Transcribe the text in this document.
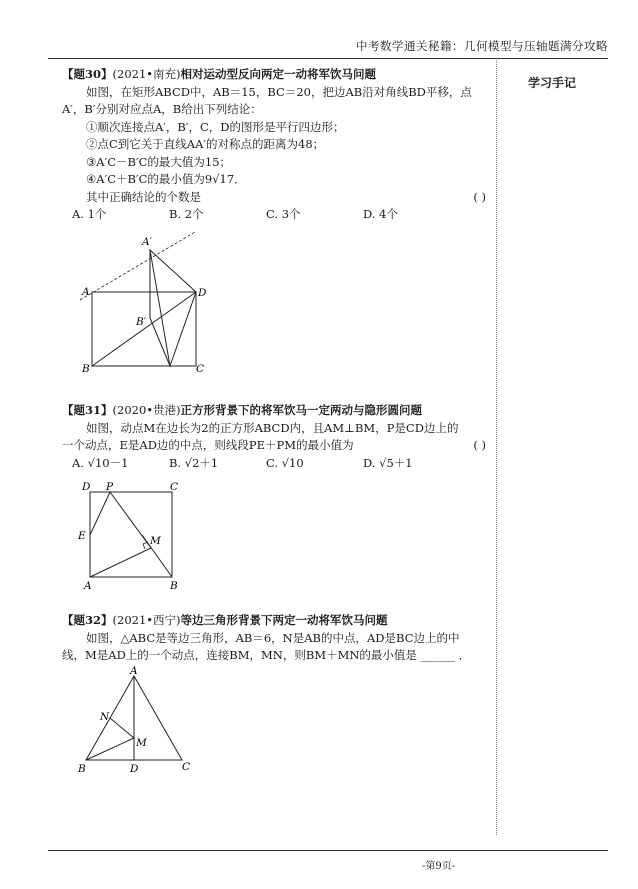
中考数学通关秘籍：几何模型与压轴题满分攻略
学习手记
【题30】(2021•南充)相对运动型反向两定一动将军饮马问题
如图，在矩形ABCD中，AB＝15，BC＝20，把边AB沿对角线BD平移，点
A′，B′分别对应点A，B给出下列结论：
①顺次连接点A′，B′，C，D的图形是平行四边形；
②点C到它关于直线AA′的对称点的距离为48；
③A′C－B′C的最大值为15；
④A′C＋B′C的最小值为9√17．
其中正确结论的个数是	( )
A. 1个	B. 2个	C. 3个	D. 4个
A′
A	D
B′
B	C
【题31】(2020•贵港)正方形背景下的将军饮马一定两动与隐形圆问题
如图，动点M在边长为2的正方形ABCD内，且AM⊥BM，P是CD边上的
一个动点，E是AD边的中点，则线段PE＋PM的最小值为	( )
A. √10－1	B. √2＋1	C. √10	D. √5＋1
D P	C
E	M
A	B
【题32】(2021•西宁)等边三角形背景下两定一动将军饮马问题
如图，△ABC是等边三角形，AB＝6，N是AB的中点，AD是BC边上的中
线，M是AD上的一个动点，连接BM，MN，则BM＋MN的最小值是 ______ ．
A
N
M
B	D	C
-第9页-
